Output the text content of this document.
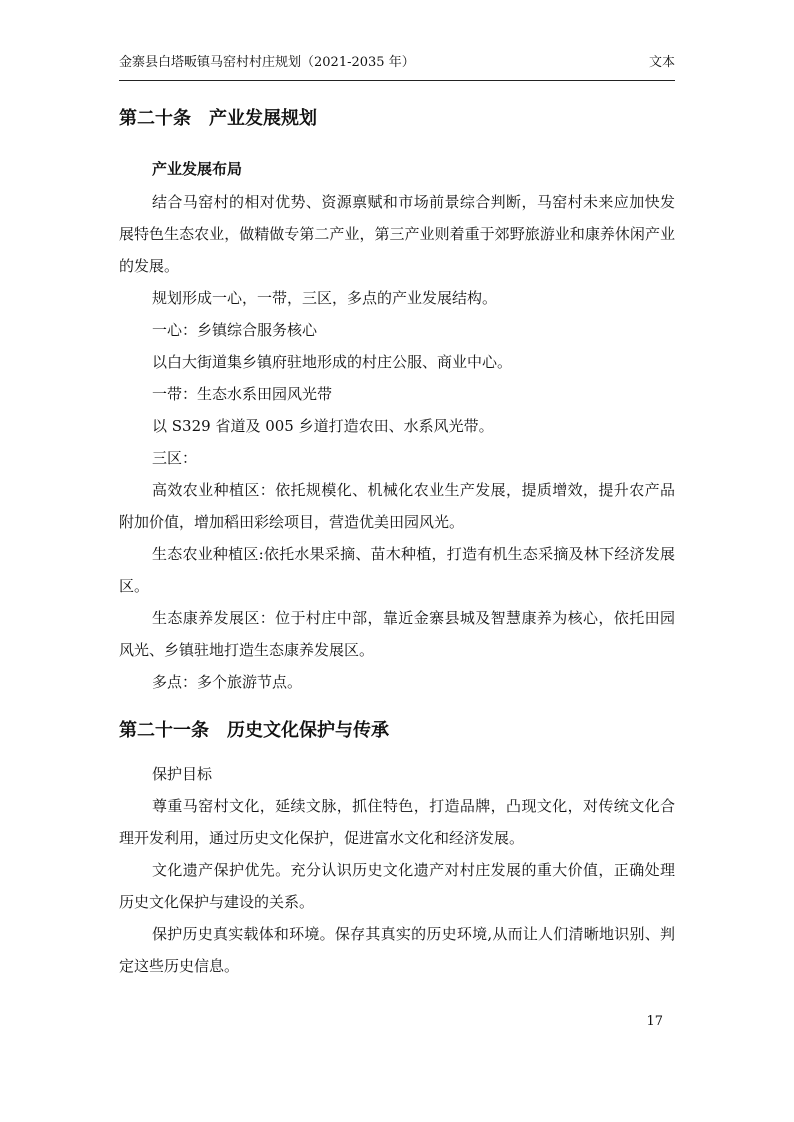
金寨县白塔畈镇马窑村村庄规划（2021-2035 年）	文本
第二十条　产业发展规划
产业发展布局

结合马窑村的相对优势、资源禀赋和市场前景综合判断，马窑村未来应加快发展特色生态农业，做精做专第二产业，第三产业则着重于郊野旅游业和康养休闲产业的发展。

规划形成一心，一带，三区，多点的产业发展结构。

一心：乡镇综合服务核心

以白大街道集乡镇府驻地形成的村庄公服、商业中心。

一带：生态水系田园风光带

以 S329 省道及 005 乡道打造农田、水系风光带。

三区：

高效农业种植区：依托规模化、机械化农业生产发展，提质增效，提升农产品附加价值，增加稻田彩绘项目，营造优美田园风光。

生态农业种植区:依托水果采摘、苗木种植，打造有机生态采摘及林下经济发展区。

生态康养发展区：位于村庄中部，靠近金寨县城及智慧康养为核心，依托田园风光、乡镇驻地打造生态康养发展区。

多点：多个旅游节点。

第二十一条　历史文化保护与传承

保护目标

尊重马窑村文化，延续文脉，抓住特色，打造品牌，凸现文化，对传统文化合理开发利用，通过历史文化保护，促进富水文化和经济发展。

文化遗产保护优先。充分认识历史文化遗产对村庄发展的重大价值，正确处理历史文化保护与建设的关系。

保护历史真实载体和环境。保存其真实的历史环境,从而让人们清晰地识别、判定这些历史信息。

17
